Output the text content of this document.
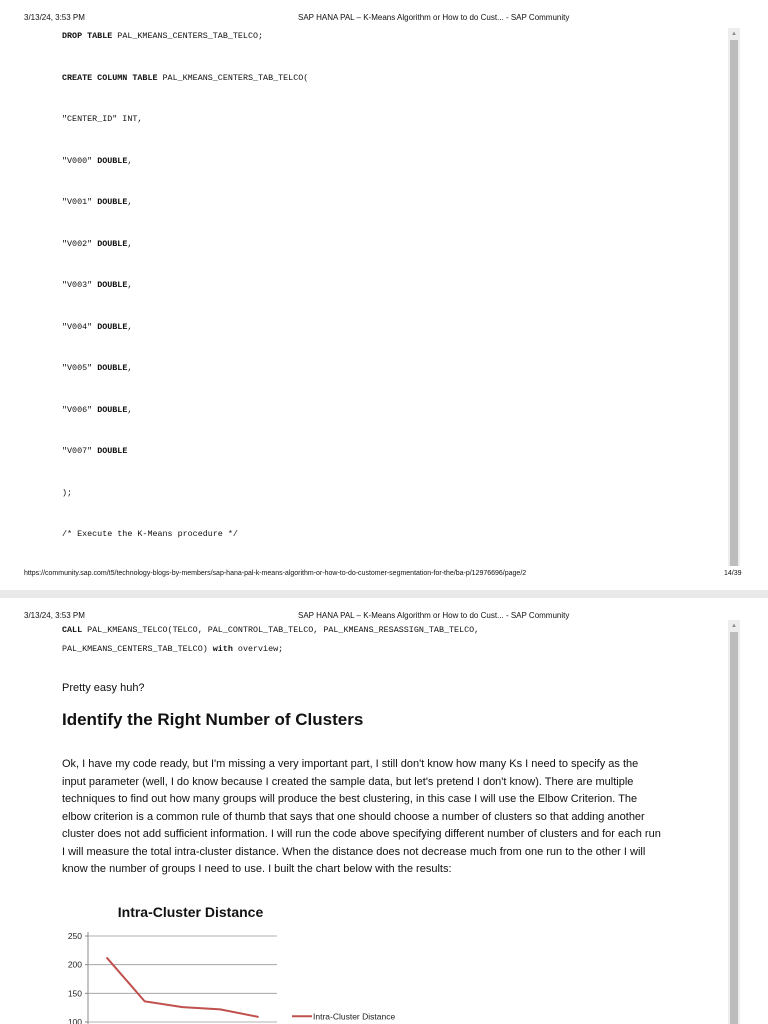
3/13/24, 3:53 PM	SAP HANA PAL – K-Means Algorithm or How to do Cust... - SAP Community
DROP TABLE PAL_KMEANS_CENTERS_TAB_TELCO;
CREATE COLUMN TABLE PAL_KMEANS_CENTERS_TAB_TELCO(
"CENTER_ID" INT,
"V000" DOUBLE,
"V001" DOUBLE,
"V002" DOUBLE,
"V003" DOUBLE,
"V004" DOUBLE,
"V005" DOUBLE,
"V006" DOUBLE,
"V007" DOUBLE
);
/* Execute the K-Means procedure */
▲
https://community.sap.com/t5/technology-blogs-by-members/sap-hana-pal-k-means-algorithm-or-how-to-do-customer-segmentation-for-the/ba-p/12976696/page/2	14/39
3/13/24, 3:53 PM	SAP HANA PAL – K-Means Algorithm or How to do Cust... - SAP Community
CALL PAL_KMEANS_TELCO(TELCO, PAL_CONTROL_TAB_TELCO, PAL_KMEANS_RESASSIGN_TAB_TELCO,
PAL_KMEANS_CENTERS_TAB_TELCO) with overview;
Pretty easy huh?
Identify the Right Number of Clusters
Ok, I have my code ready, but I'm missing a very important part, I still don't know how many Ks I need to specify as the
input parameter (well, I do know because I created the sample data, but let's pretend I don't know). There are multiple
techniques to find out how many groups will produce the best clustering, in this case I will use the Elbow Criterion. The
elbow criterion is a common rule of thumb that says that one should choose a number of clusters so that adding another
cluster does not add sufficient information. I will run the code above specifying different number of clusters and for each run
I will measure the total intra-cluster distance. When the distance does not decrease much from one run to the other I will
know the number of groups I need to use. I built the chart below with the results:
Intra-Cluster Distance
100
150
200
250
Intra-Cluster Distance
▲
